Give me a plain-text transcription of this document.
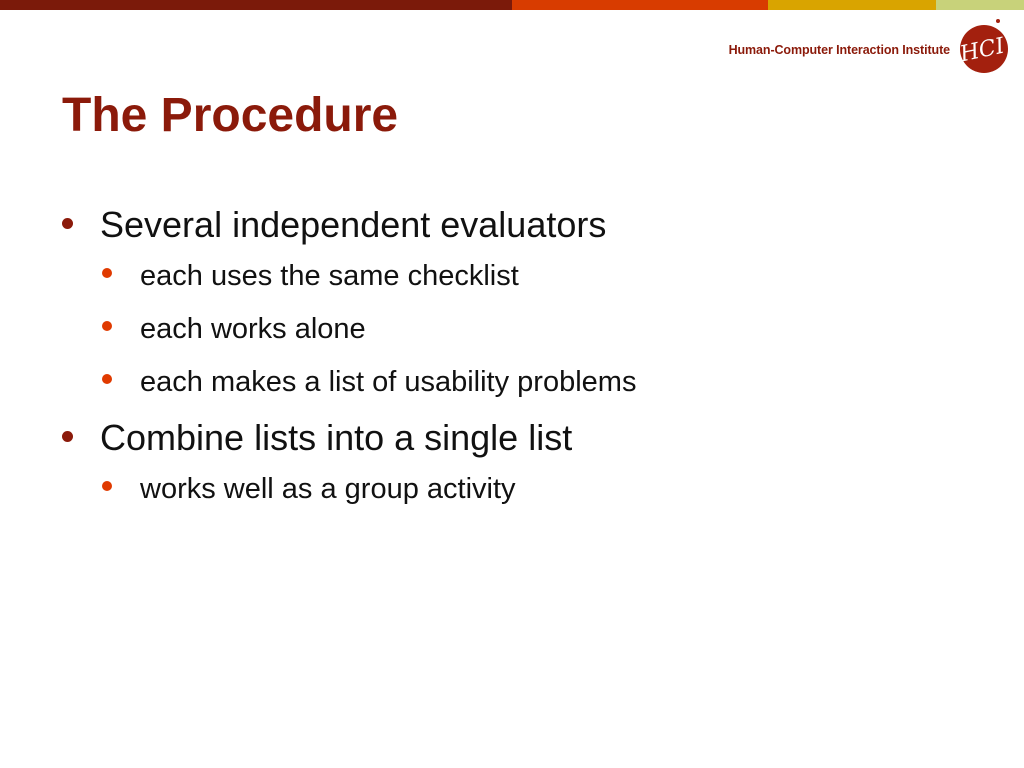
Human-Computer Interaction Institute HCI
The Procedure
Several independent evaluators
each uses the same checklist
each works alone
each makes a list of usability problems
Combine lists into a single list
works well as a group activity
